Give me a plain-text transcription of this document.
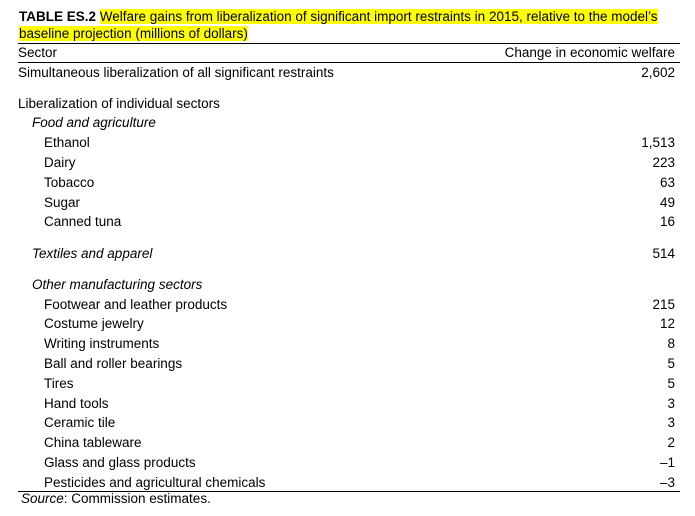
TABLE ES.2 Welfare gains from liberalization of significant import restraints in 2015, relative to the model’s baseline projection (millions of dollars)
Sector	Change in economic welfare
Simultaneous liberalization of all significant restraints	2,602
Liberalization of individual sectors
Food and agriculture
Ethanol	1,513
Dairy	223
Tobacco	63
Sugar	49
Canned tuna	16
Textiles and apparel	514
Other manufacturing sectors
Footwear and leather products	215
Costume jewelry	12
Writing instruments	8
Ball and roller bearings	5
Tires	5
Hand tools	3
Ceramic tile	3
China tableware	2
Glass and glass products	–1
Pesticides and agricultural chemicals	–3
Source: Commission estimates.
